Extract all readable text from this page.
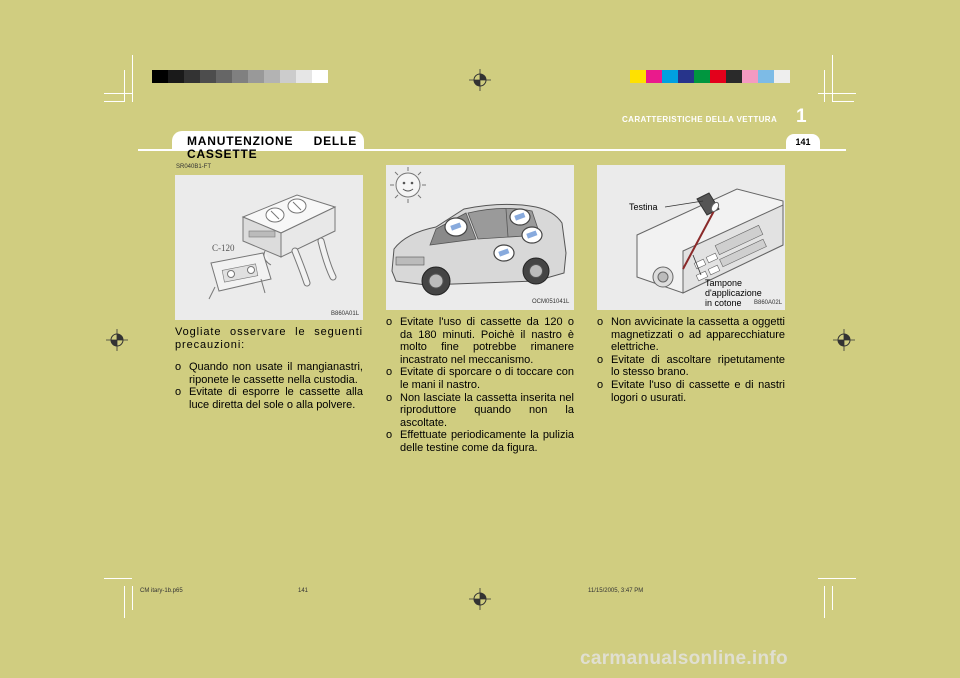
CARATTERISTICHE DELLA VETTURA 1
141
MANUTENZIONE DELLE
CASSETTE
SR040B1-FT
C-120
B860A01L
OCM051041L
Testina
Tampone
d'applicazione
in cotone	B860A02L

Vogliate osservare le seguenti precauzioni:

o Quando non usate il mangianastri, riponete le cassette nella custodia.
o Evitate di esporre le cassette alla luce diretta del sole o alla polvere.
o Evitate l'uso di cassette da 120 o da 180 minuti. Poichè il nastro è molto fine potrebbe rimanere incastrato nel meccanismo.
o Evitate di sporcare o di toccare con le mani il nastro.
o Non lasciate la cassetta inserita nel riproduttore quando non la ascoltate.
o Effettuate periodicamente la pulizia delle testine come da figura.
o Non avvicinate la cassetta a oggetti magnetizzati o ad apparecchiature elettriche.
o Evitate di ascoltare ripetutamente lo stesso brano.
o Evitate l'uso di cassette e di nastri logori o usurati.
CM itary-1b.p65	141	11/15/2005, 3:47 PM
carmanualsonline.info
